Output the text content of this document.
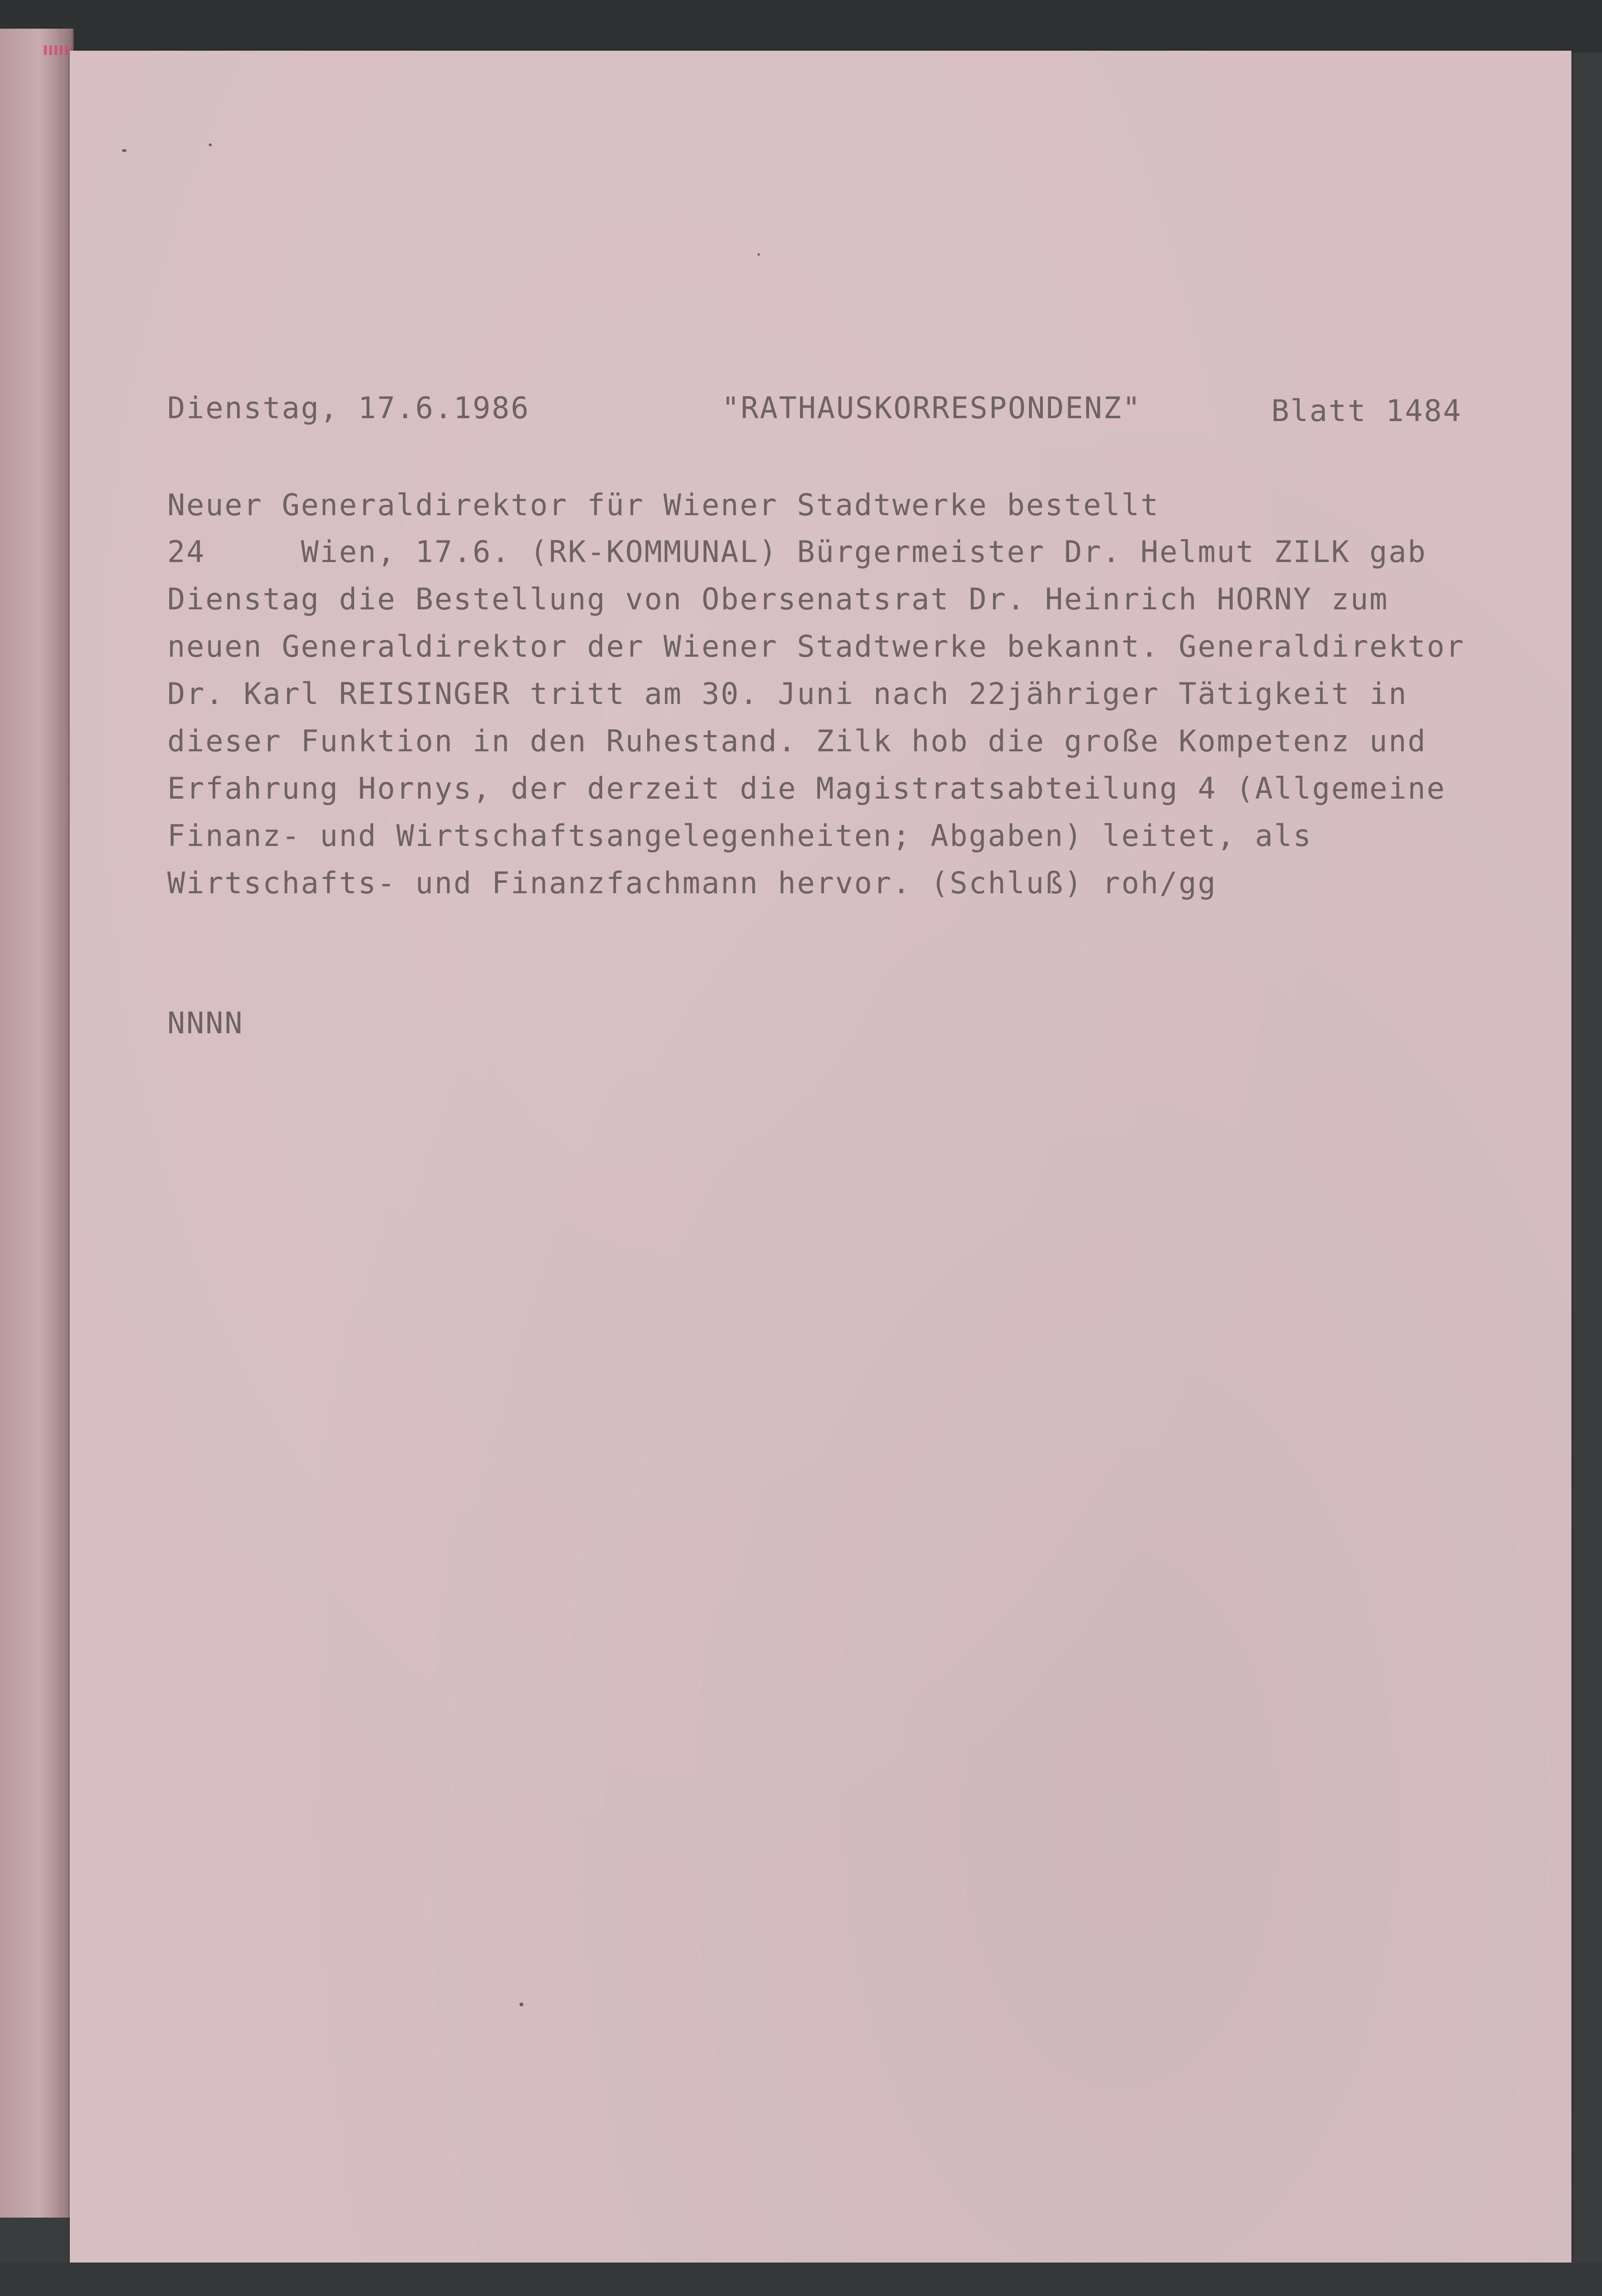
Dienstag, 17.6.1986	"RATHAUSKORRESPONDENZ"	Blatt 1484
Neuer Generaldirektor für Wiener Stadtwerke bestellt
24     Wien, 17.6. (RK-KOMMUNAL) Bürgermeister Dr. Helmut ZILK gab
Dienstag die Bestellung von Obersenatsrat Dr. Heinrich HORNY zum
neuen Generaldirektor der Wiener Stadtwerke bekannt. Generaldirektor
Dr. Karl REISINGER tritt am 30. Juni nach 22jähriger Tätigkeit in
dieser Funktion in den Ruhestand. Zilk hob die große Kompetenz und
Erfahrung Hornys, der derzeit die Magistratsabteilung 4 (Allgemeine
Finanz- und Wirtschaftsangelegenheiten; Abgaben) leitet, als
Wirtschafts- und Finanzfachmann hervor. (Schluß) roh/gg
NNNN
